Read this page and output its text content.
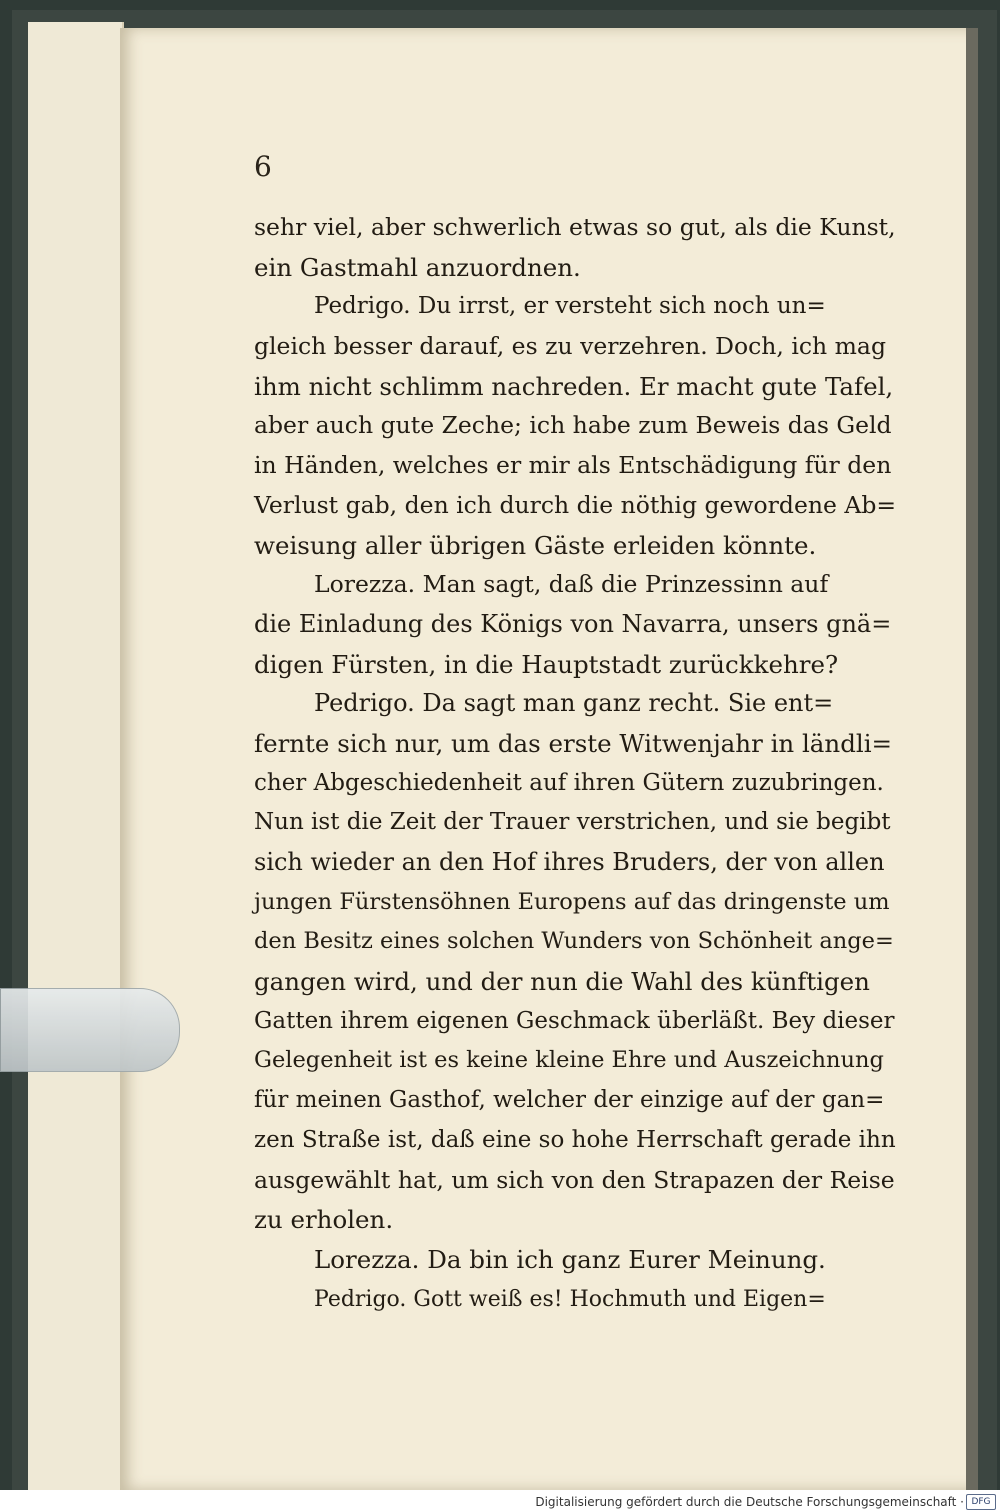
6
sehr viel, aber schwerlich etwas so gut, als die Kunst,
ein Gastmahl anzuordnen.
Pedrigo. Du irrst, er versteht sich noch un=
gleich besser darauf, es zu verzehren. Doch, ich mag
ihm nicht schlimm nachreden. Er macht gute Tafel,
aber auch gute Zeche; ich habe zum Beweis das Geld
in Händen, welches er mir als Entschädigung für den
Verlust gab, den ich durch die nöthig gewordene Ab=
weisung aller übrigen Gäste erleiden könnte.
Lorezza. Man sagt, daß die Prinzessinn auf
die Einladung des Königs von Navarra, unsers gnä=
digen Fürsten, in die Hauptstadt zurückkehre?
Pedrigo. Da sagt man ganz recht. Sie ent=
fernte sich nur, um das erste Witwenjahr in ländli=
cher Abgeschiedenheit auf ihren Gütern zuzubringen.
Nun ist die Zeit der Trauer verstrichen, und sie begibt
sich wieder an den Hof ihres Bruders, der von allen
jungen Fürstensöhnen Europens auf das dringenste um
den Besitz eines solchen Wunders von Schönheit ange=
gangen wird, und der nun die Wahl des künftigen
Gatten ihrem eigenen Geschmack überläßt. Bey dieser
Gelegenheit ist es keine kleine Ehre und Auszeichnung
für meinen Gasthof, welcher der einzige auf der gan=
zen Straße ist, daß eine so hohe Herrschaft gerade ihn
ausgewählt hat, um sich von den Strapazen der Reise
zu erholen.
Lorezza. Da bin ich ganz Eurer Meinung.
Pedrigo. Gott weiß es! Hochmuth und Eigen=
Digitalisierung gefördert durch die Deutsche Forschungsgemeinschaft · DFG
